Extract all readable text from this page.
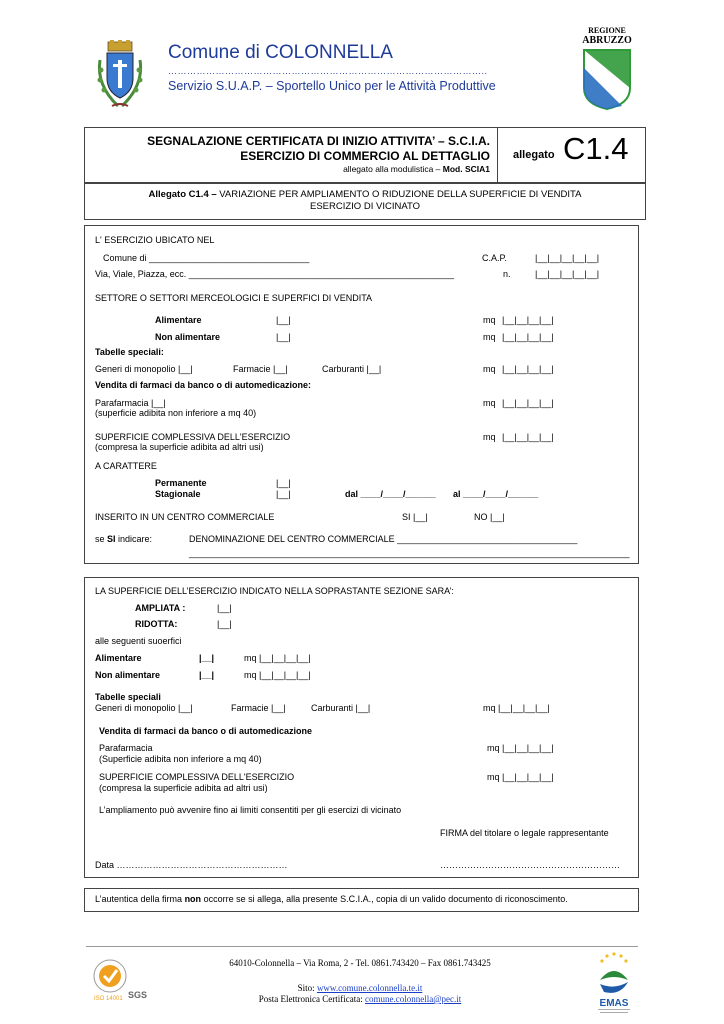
Comune di COLONNELLA
………………………………………………………………………………………..
Servizio S.U.A.P. – Sportello Unico per le Attività Produttive
REGIONE
ABRUZZO
SEGNALAZIONE CERTIFICATA DI INIZIO ATTIVITA’ – S.C.I.A.
ESERCIZIO DI COMMERCIO AL DETTAGLIO
allegato alla modulistica – Mod. SCIA1
allegato C1.4
Allegato C1.4 – VARIAZIONE PER AMPLIAMENTO O RIDUZIONE DELLA SUPERFICIE DI VENDITA
ESERCIZIO DI VICINATO
L' ESERCIZIO UBICATO NEL
Comune di ________________________________	C.A.P.	|__|__|__|__|__|
Via, Viale, Piazza, ecc. _____________________________________________________	n.	|__|__|__|__|__|
SETTORE O SETTORI MERCEOLOGICI E SUPERFICI DI VENDITA
Alimentare	|__|	mq |__|__|__|__|
Non alimentare	|__|	mq |__|__|__|__|
Tabelle speciali:
Generi di monopolio |__|	Farmacie |__|	Carburanti |__|	mq |__|__|__|__|
Vendita di farmaci da banco o di automedicazione:
Parafarmacia |__|
(superficie adibita non inferiore a mq 40)
mq |__|__|__|__|
SUPERFICIE COMPLESSIVA DELL'ESERCIZIO
(compresa la superficie adibita ad altri usi)
mq |__|__|__|__|
A CARATTERE
Permanente	|__|
Stagionale	|__|	dal ____/____/______ al ____/____/______
INSERITO IN UN CENTRO COMMERCIALE	SI |__|	NO |__|
se SI indicare:	DENOMINAZIONE DEL CENTRO COMMERCIALE ____________________________________
________________________________________________________________________________________
LA SUPERFICIE DELL’ESERCIZIO INDICATO NELLA SOPRASTANTE SEZIONE SARA’:
AMPLIATA :	|__|
RIDOTTA:	|__|
alle seguenti suoerfici
Alimentare	|__|	mq |__|__|__|__|
Non alimentare	|__|	mq |__|__|__|__|
Tabelle speciali
Generi di monopolio |__|	Farmacie |__|	Carburanti |__|	mq |__|__|__|__|
Vendita di farmaci da banco o di automedicazione
Parafarmacia
(Superficie adibita non inferiore a mq 40)
mq |__|__|__|__|
SUPERFICIE COMPLESSIVA DELL'ESERCIZIO
(compresa la superficie adibita ad altri usi)
mq |__|__|__|__|
L’ampliamento può avvenire fino ai limiti consentiti per gli esercizi di vicinato
FIRMA del titolare o legale rappresentante
Data …………………………………………………	……………………………………………………
L’autentica della firma non occorre se si allega, alla presente S.C.I.A., copia di un valido documento di riconoscimento.
SGS
ISO 14001
64010-Colonnella – Via Roma, 2 - Tel. 0861.743420 – Fax 0861.743425
Sito: www.comune.colonnella.te.it
Posta Elettronica Certificata: comune.colonnella@pec.it	EMAS
